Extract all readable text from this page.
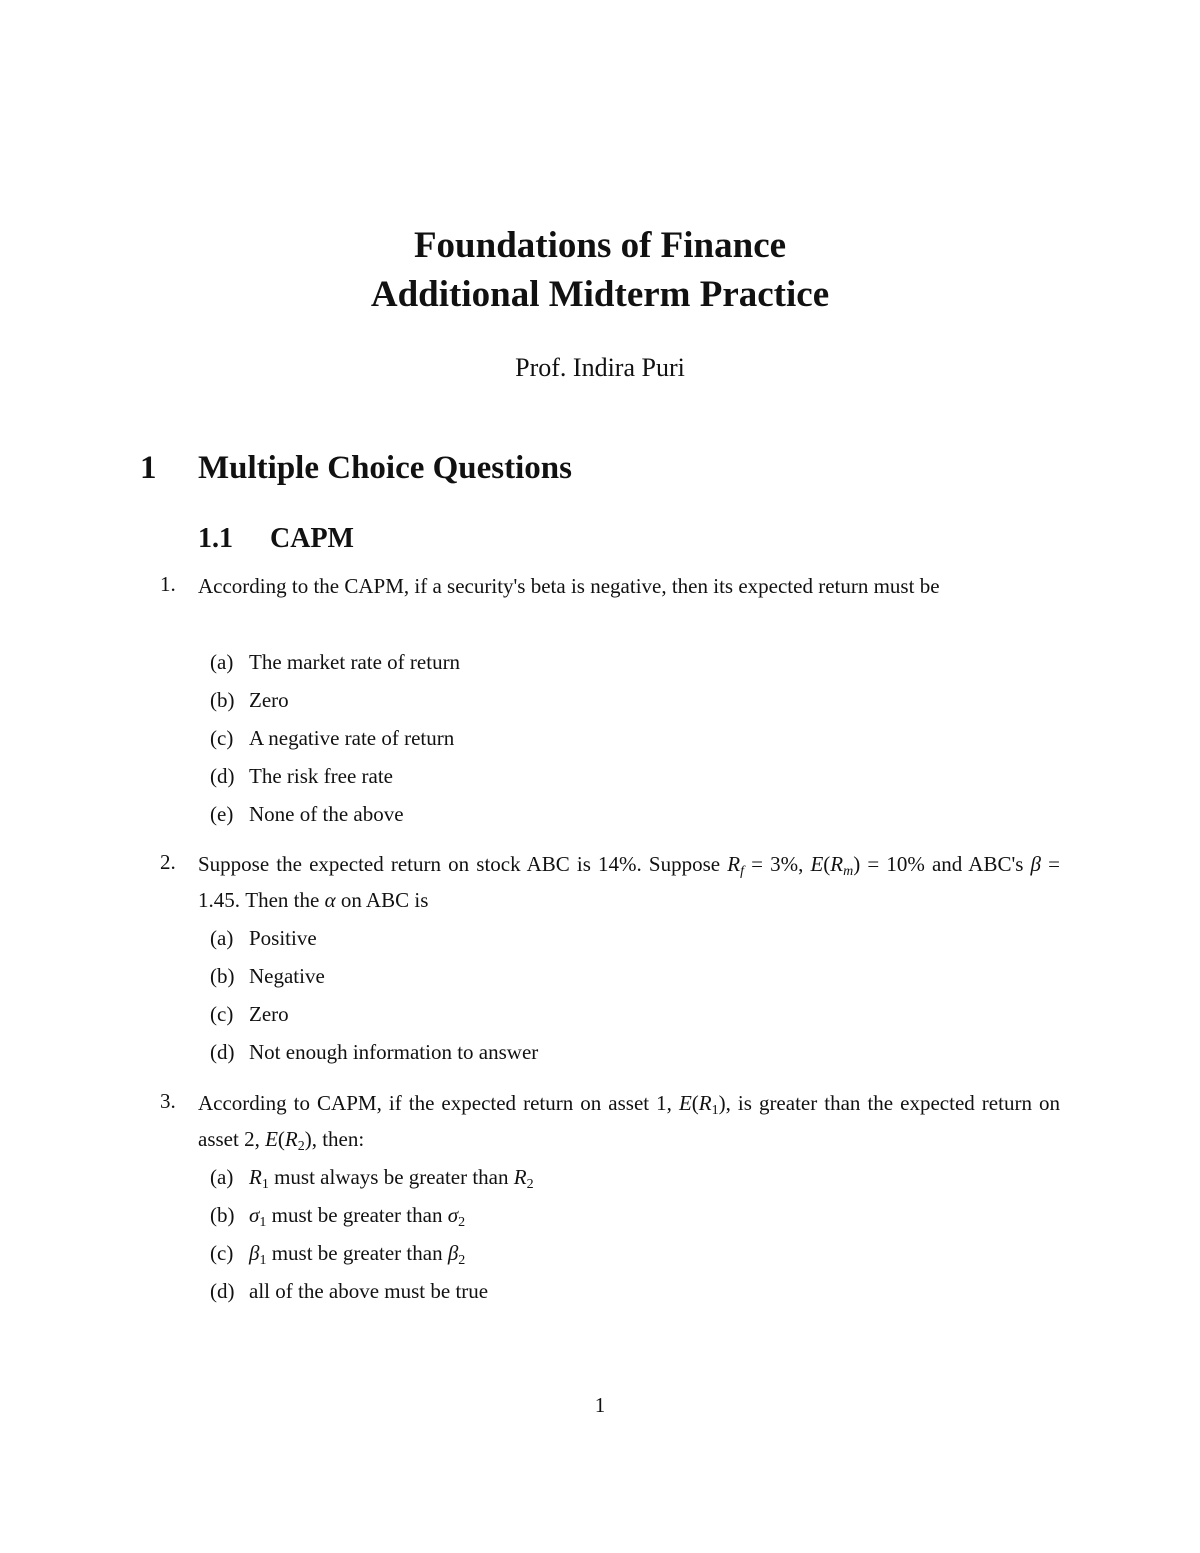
Foundations of Finance
Additional Midterm Practice
Prof. Indira Puri
1 Multiple Choice Questions
1.1 CAPM
1. According to the CAPM, if a security's beta is negative, then its expected return must be
(a) The market rate of return
(b) Zero
(c) A negative rate of return
(d) The risk free rate
(e) None of the above
2. Suppose the expected return on stock ABC is 14%. Suppose $R_f = 3\%$, $E(R_m) = 10\%$ and ABC's β = 1.45. Then the α on ABC is
(a) Positive
(b) Negative
(c) Zero
(d) Not enough information to answer
3. According to CAPM, if the expected return on asset 1, $E(R_1)$, is greater than the expected return on asset 2, $E(R_2)$, then:
(a) $R_1$ must always be greater than $R_2$
(b) $\sigma_1$ must be greater than $\sigma_2$
(c) $\beta_1$ must be greater than $\beta_2$
(d) all of the above must be true
1
